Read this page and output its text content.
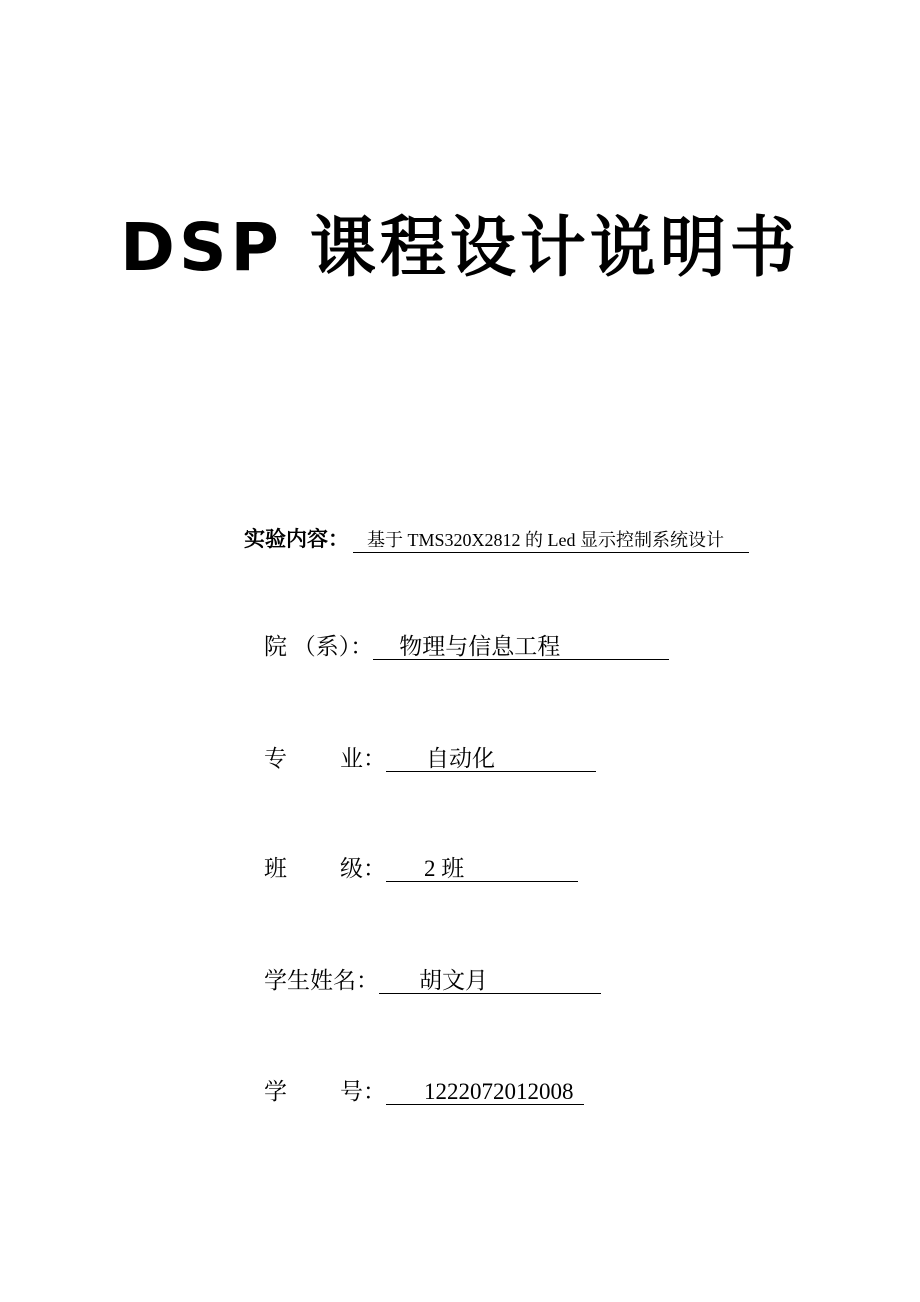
DSP 课程设计说明书
实验内容： 基于 TMS320X2812 的 Led 显示控制系统设计
院 （系）： 物理与信息工程
专 业： 自动化
班 级： 2 班
学生姓名： 胡文月
学 号： 1222072012008
